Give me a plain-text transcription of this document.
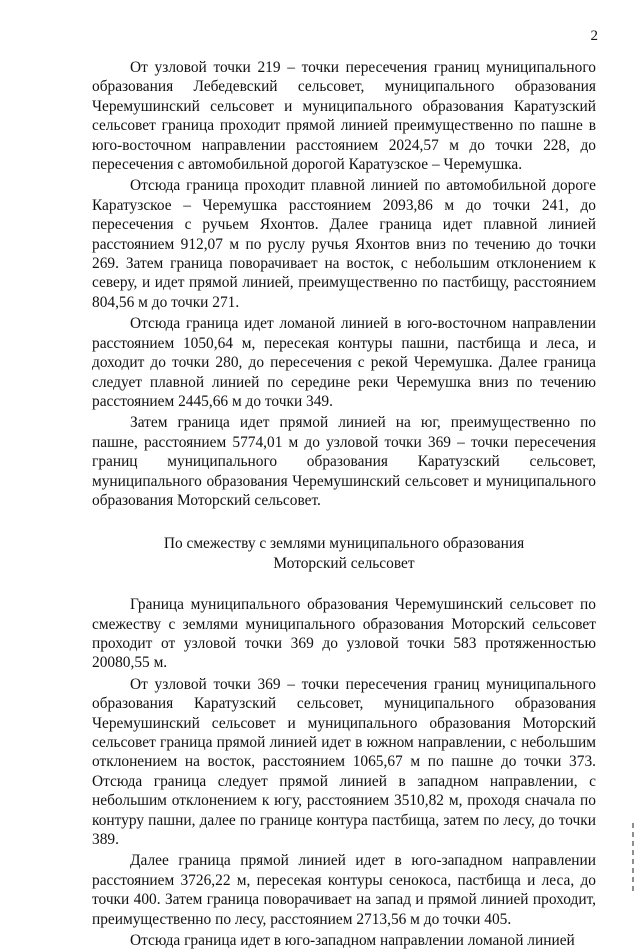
2

От узловой точки 219 – точки пересечения границ муниципального образования Лебедевский сельсовет, муниципального образования Черемушинский сельсовет и муниципального образования Каратузский сельсовет граница проходит прямой линией преимущественно по пашне в юго-восточном направлении расстоянием 2024,57 м до точки 228, до пересечения с автомобильной дорогой Каратузское – Черемушка.

Отсюда граница проходит плавной линией по автомобильной дороге Каратузское – Черемушка расстоянием 2093,86 м до точки 241, до пересечения с ручьем Яхонтов. Далее граница идет плавной линией расстоянием 912,07 м по руслу ручья Яхонтов вниз по течению до точки 269. Затем граница поворачивает на восток, с небольшим отклонением к северу, и идет прямой линией, преимущественно по пастбищу, расстоянием 804,56 м до точки 271.

Отсюда граница идет ломаной линией в юго-восточном направлении расстоянием 1050,64 м, пересекая контуры пашни, пастбища и леса, и доходит до точки 280, до пересечения с рекой Черемушка. Далее граница следует плавной линией по середине реки Черемушка вниз по течению расстоянием 2445,66 м до точки 349.

Затем граница идет прямой линией на юг, преимущественно по пашне, расстоянием 5774,01 м до узловой точки 369 – точки пересечения границ муниципального образования Каратузский сельсовет, муниципального образования Черемушинский сельсовет и муниципального образования Моторский сельсовет.

По смежеству с землями муниципального образования
Моторский сельсовет

Граница муниципального образования Черемушинский сельсовет по смежеству с землями муниципального образования Моторский сельсовет проходит от узловой точки 369 до узловой точки 583 протяженностью 20080,55 м.

От узловой точки 369 – точки пересечения границ муниципального образования Каратузский сельсовет, муниципального образования Черемушинский сельсовет и муниципального образования Моторский сельсовет граница прямой линией идет в южном направлении, с небольшим отклонением на восток, расстоянием 1065,67 м по пашне до точки 373. Отсюда граница следует прямой линией в западном направлении, с небольшим отклонением к югу, расстоянием 3510,82 м, проходя сначала по контуру пашни, далее по границе контура пастбища, затем по лесу, до точки 389.

Далее граница прямой линией идет в юго-западном направлении расстоянием 3726,22 м, пересекая контуры сенокоса, пастбища и леса, до точки 400. Затем граница поворачивает на запад и прямой линией проходит, преимущественно по лесу, расстоянием 2713,56 м до точки 405.

Отсюда граница идет в юго-западном направлении ломаной линией
